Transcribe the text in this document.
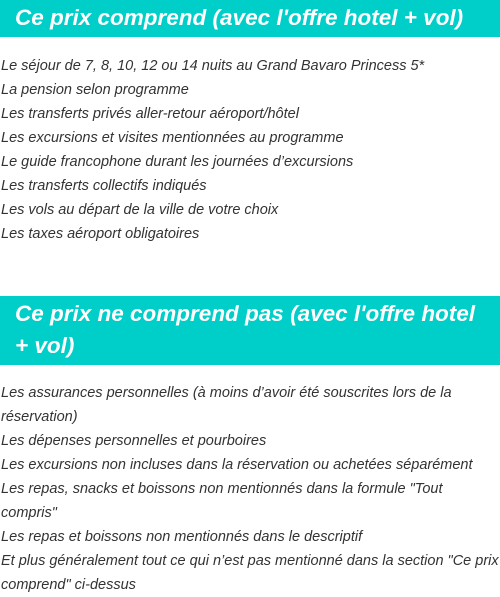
Ce prix comprend (avec l'offre hotel + vol)
Le séjour de 7, 8, 10, 12 ou 14 nuits au Grand Bavaro Princess 5*
La pension selon programme
Les transferts privés aller-retour aéroport/hôtel
Les excursions et visites mentionnées au programme
Le guide francophone durant les journées d’excursions
Les transferts collectifs indiqués
Les vols au départ de la ville de votre choix
Les taxes aéroport obligatoires
Ce prix ne comprend pas (avec l'offre hotel + vol)
Les assurances personnelles (à moins d’avoir été souscrites lors de la réservation)
Les dépenses personnelles et pourboires
Les excursions non incluses dans la réservation ou achetées séparément
Les repas, snacks et boissons non mentionnés dans la formule "Tout compris"
Les repas et boissons non mentionnés dans le descriptif
Et plus généralement tout ce qui n’est pas mentionné dans la section "Ce prix comprend" ci-dessus
